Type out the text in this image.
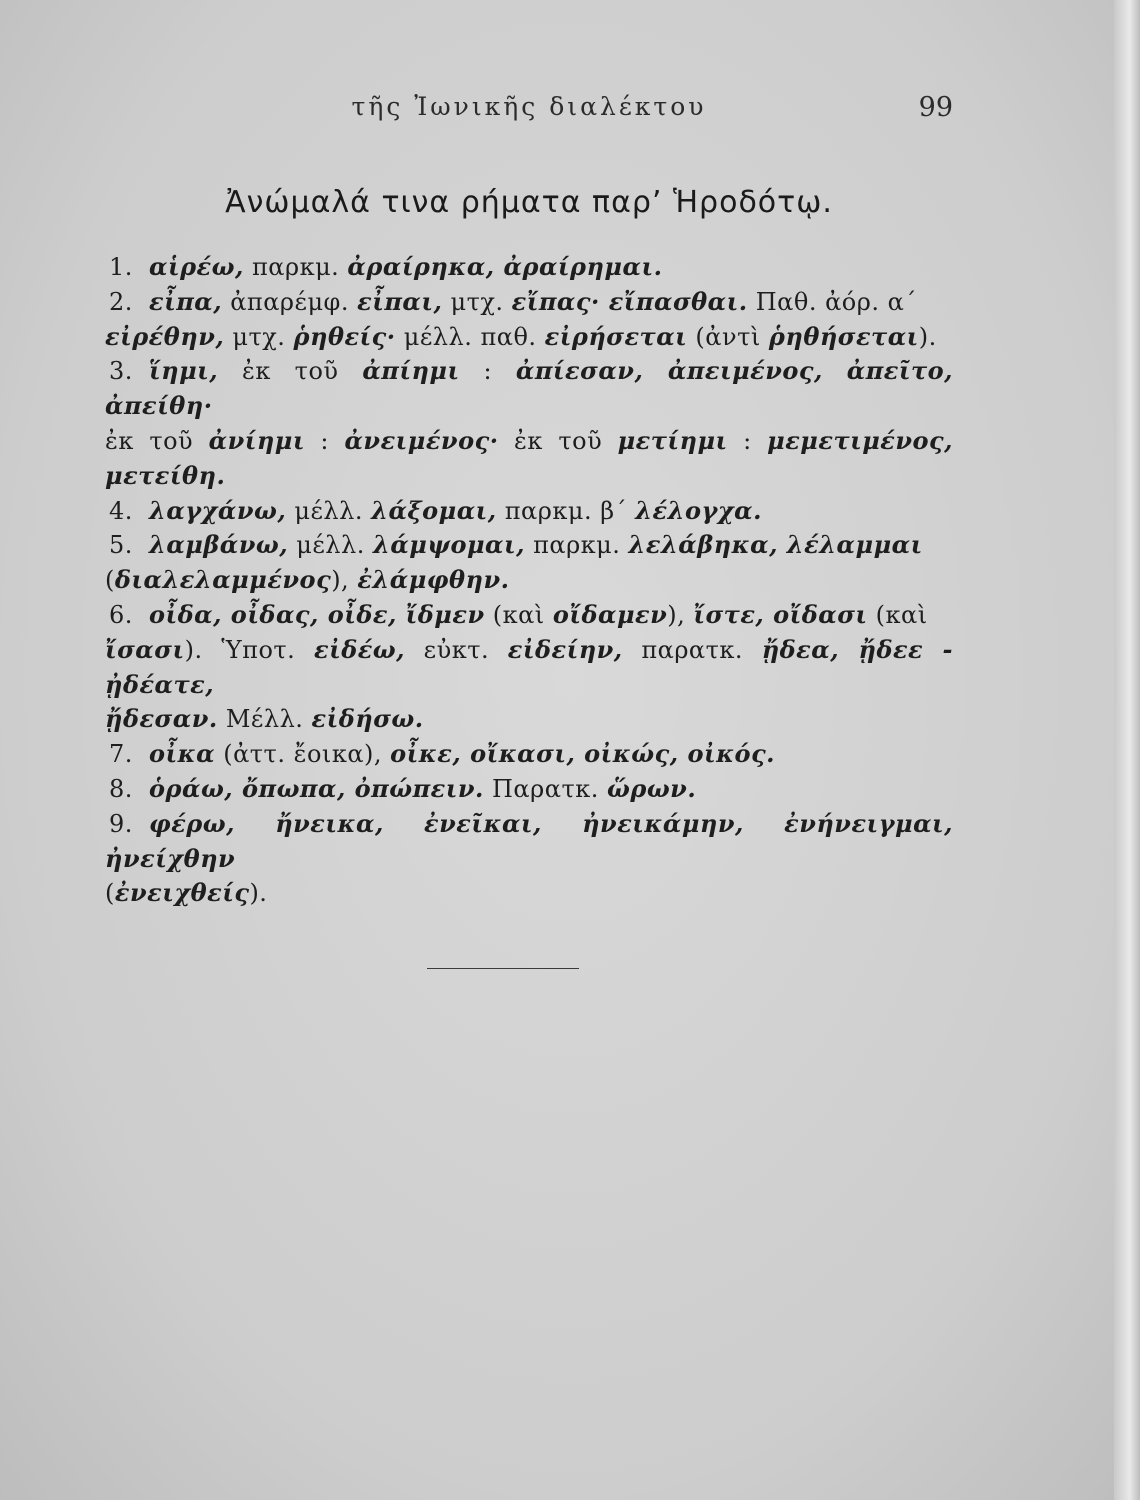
τῆς Ἰωνικῆς διαλέκτου	99
Ἀνώμαλά τινα ρήματα παρ’ Ἡροδότῳ.
1. αἱρέω, παρκμ. ἀραίρηκα, ἀραίρημαι.
2. εἶπα, ἀπαρέμφ. εἶπαι, μτχ. εἴπας· εἴπασθαι. Παθ. ἀόρ. α΄
εἰρέθην, μτχ. ῥηθείς· μέλλ. παθ. εἰρήσεται (ἀντὶ ῥηθήσεται).
3. ἵημι, ἐκ τοῦ ἀπίημι : ἀπίεσαν, ἀπειμένος, ἀπεῖτο, ἀπείθη·
ἐκ τοῦ ἀνίημι : ἀνειμένος· ἐκ τοῦ μετίημι : μεμετιμένος, μετείθη.
4. λαγχάνω, μέλλ. λάξομαι, παρκμ. β΄ λέλογχα.
5. λαμβάνω, μέλλ. λάμψομαι, παρκμ. λελάβηκα, λέλαμμαι
(διαλελαμμένος), ἐλάμφθην.
6. οἶδα, οἶδας, οἶδε, ἴδμεν (καὶ οἴδαμεν), ἴστε, οἴδασι (καὶ
ἴσασι). Ὑποτ. εἰδέω, εὐκτ. εἰδείην, παρατκ. ᾔδεα, ᾔδεε - ᾐδέατε,
ᾔδεσαν. Μέλλ. εἰδήσω.
7. οἶκα (ἀττ. ἔοικα), οἶκε, οἴκασι, οἰκώς, οἰκός.
8. ὁράω, ὄπωπα, ὀπώπειν. Παρατκ. ὥρων.
9. φέρω, ἤνεικα, ἐνεῖκαι, ἠνεικάμην, ἐνήνειγμαι, ἠνείχθην
(ἐνειχθείς).
